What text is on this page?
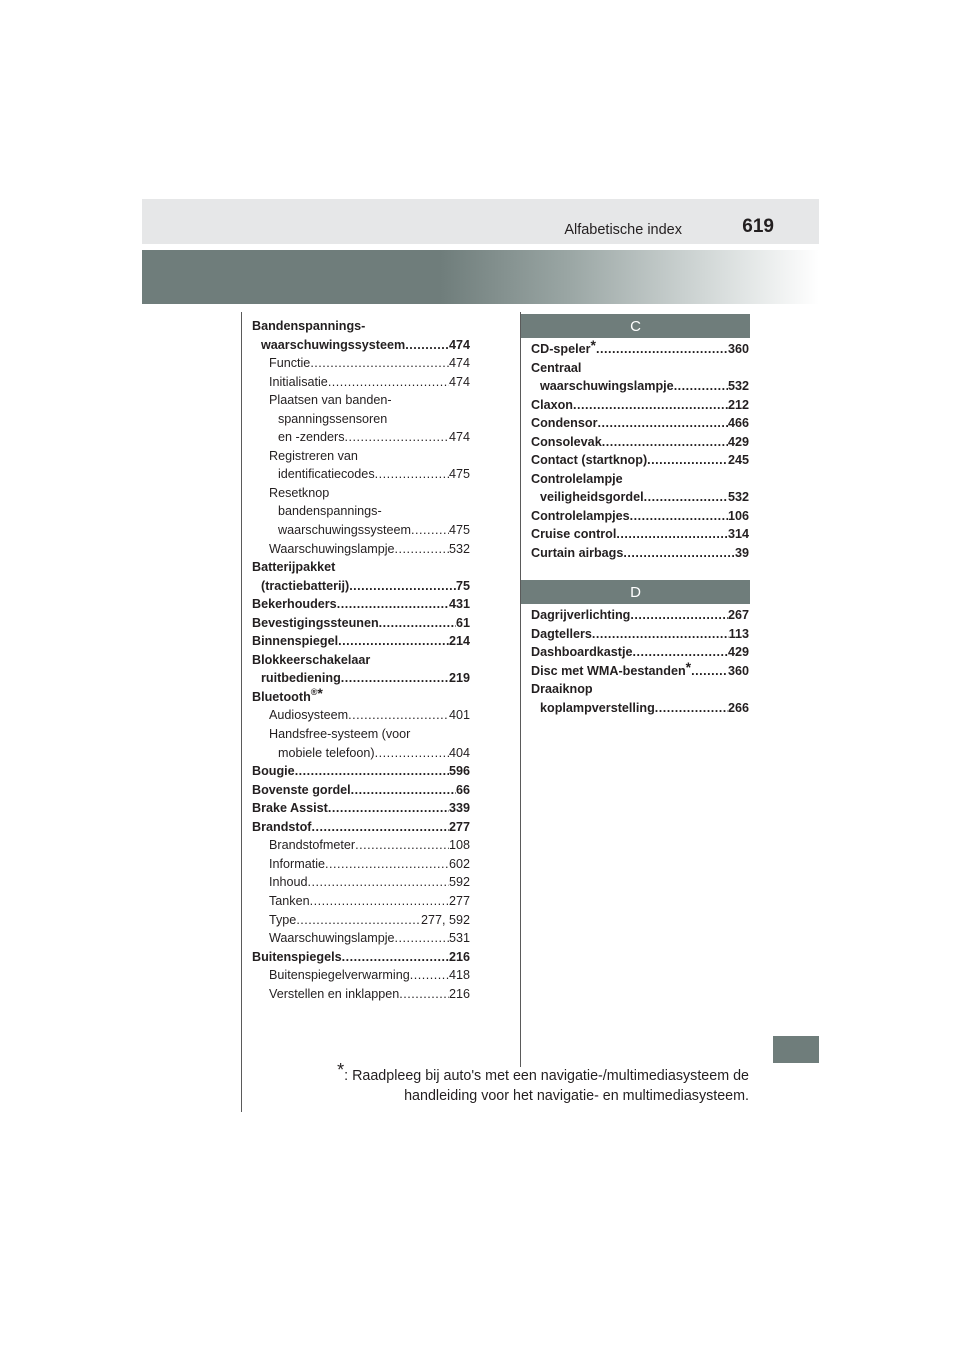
Alfabetische index	619
Bandenspannings-
waarschuwingssysteem .....	474
Functie .....	474
Initialisatie .....	474
Plaatsen van banden-
spanningssensoren
en -zenders .....	474
Registreren van
identificatiecodes .....	475
Resetknop
bandenspannings-
waarschuwingssysteem .....	475
Waarschuwingslampje .....	532
Batterijpakket
(tractiebatterij) .....	75
Bekerhouders .....	431
Bevestigingssteunen .....	61
Binnenspiegel .....	214
Blokkeerschakelaar
ruitbediening .....	219
Bluetooth®*
Audiosysteem .....	401
Handsfree-systeem (voor
mobiele telefoon) .....	404
Bougie .....	596
Bovenste gordel .....	66
Brake Assist .....	339
Brandstof .....	277
Brandstofmeter .....	108
Informatie .....	602
Inhoud .....	592
Tanken .....	277
Type .....	277, 592
Waarschuwingslampje .....	531
Buitenspiegels .....	216
Buitenspiegelverwarming .....	418
Verstellen en inklappen .....	216
C
CD-speler* .....	360
Centraal
waarschuwingslampje .....	532
Claxon .....	212
Condensor .....	466
Consolevak .....	429
Contact (startknop) .....	245
Controlelampje
veiligheidsgordel .....	532
Controlelampjes .....	106
Cruise control .....	314
Curtain airbags .....	39
D
Dagrijverlichting .....	267
Dagtellers .....	113
Dashboardkastje .....	429
Disc met WMA-bestanden* .....	360
Draaiknop
koplampverstelling .....	266
*: Raadpleeg bij auto's met een navigatie-/multimediasysteem de
handleiding voor het navigatie- en multimediasysteem.
